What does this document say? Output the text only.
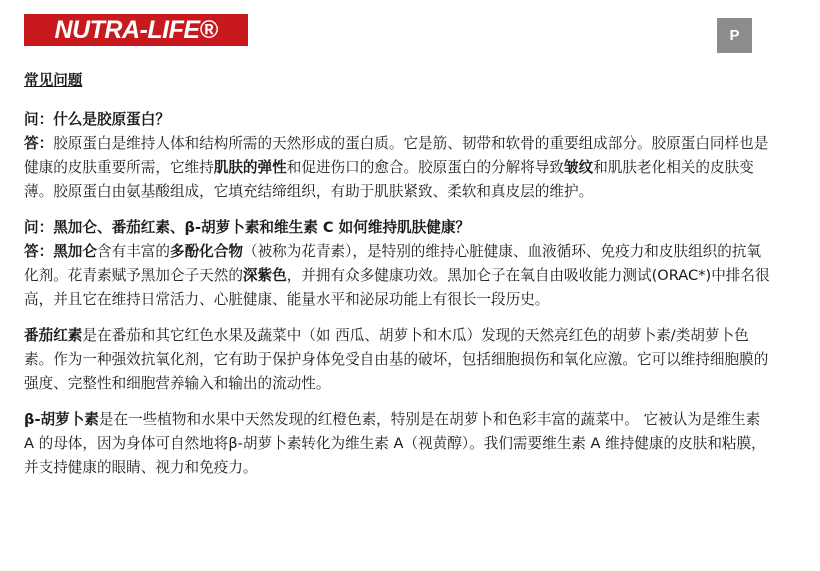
NUTRA-LIFE®	P
常见问题
问：什么是胶原蛋白？
答：胶原蛋白是维持人体和结构所需的天然形成的蛋白质。它是筋、韧带和软骨的重要组成部分。胶原蛋白同样也是健康的皮肤重要所需，它维持肌肤的弹性和促进伤口的愈合。胶原蛋白的分解将导致皱纹和肌肤老化相关的皮肤变薄。胶原蛋白由氨基酸组成，它填充结缔组织，有助于肌肤紧致、柔软和真皮层的维护。
问：黑加仑、番茄红素、β-胡萝卜素和维生素 C 如何维持肌肤健康？
答：黑加仑含有丰富的多酚化合物（被称为花青素），是特别的维持心脏健康、血液循环、免疫力和皮肤组织的抗氧化剂。花青素赋予黑加仑子天然的深紫色，并拥有众多健康功效。黑加仑子在氧自由吸收能力测试(ORAC*)中排名很高，并且它在维持日常活力、心脏健康、能量水平和泌尿功能上有很长一段历史。
番茄红素是在番茄和其它红色水果及蔬菜中（如 西瓜、胡萝卜和木瓜）发现的天然亮红色的胡萝卜素/类胡萝卜色素。作为一种强效抗氧化剂，它有助于保护身体免受自由基的破坏，包括细胞损伤和氧化应激。它可以维持细胞膜的强度、完整性和细胞营养输入和输出的流动性。
β-胡萝卜素是在一些植物和水果中天然发现的红橙色素，特别是在胡萝卜和色彩丰富的蔬菜中。 它被认为是维生素 A 的母体，因为身体可自然地将β-胡萝卜素转化为维生素 A（视黄醇）。我们需要维生素 A 维持健康的皮肤和粘膜，并支持健康的眼睛、视力和免疫力。
